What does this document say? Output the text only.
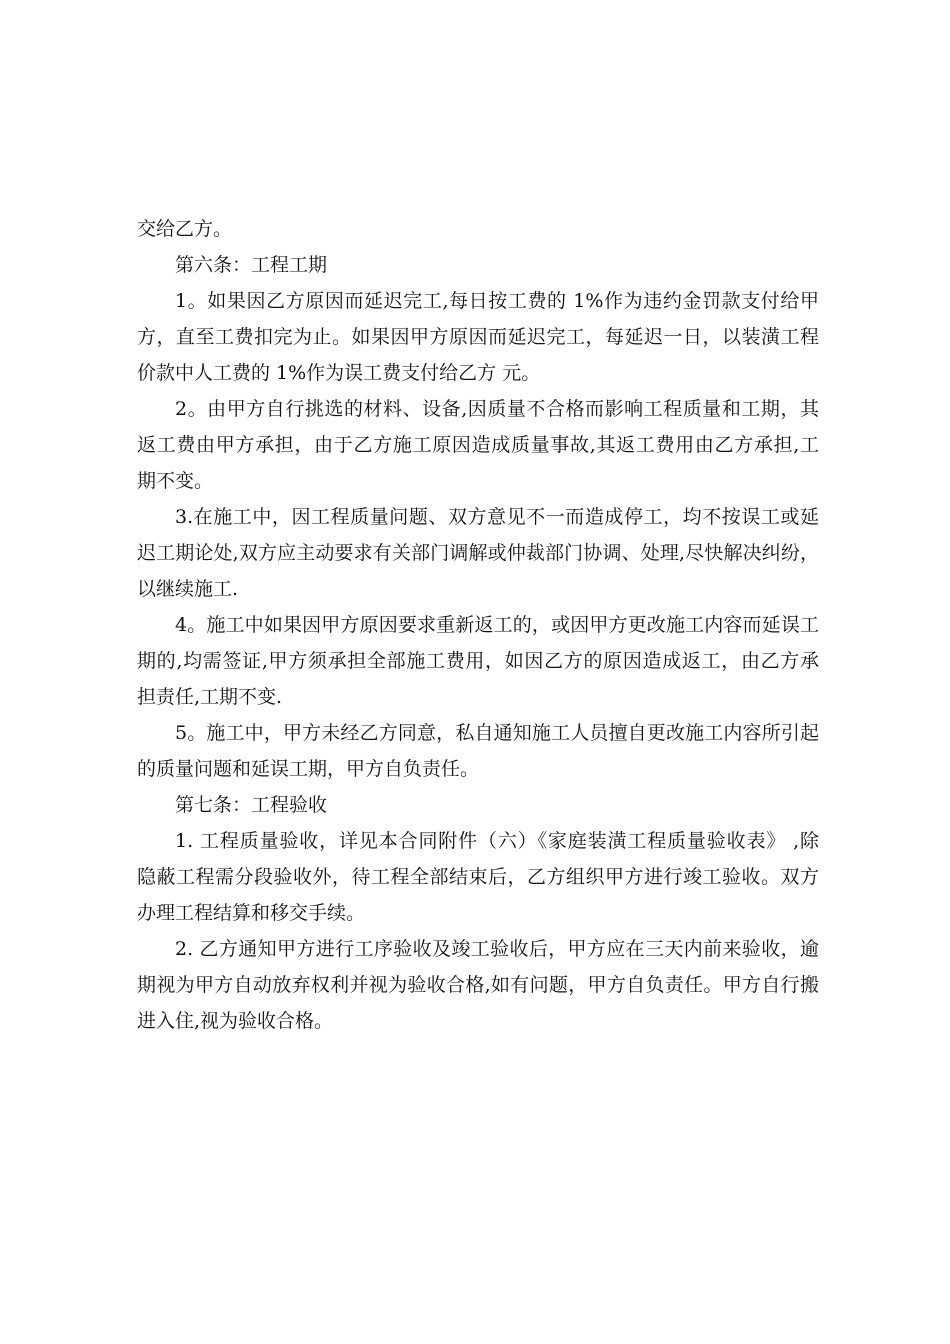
交给乙方。
第六条：工程工期
1。如果因乙方原因而延迟完工,每日按工费的 1%作为违约金罚款支付给甲
方，直至工费扣完为止。如果因甲方原因而延迟完工，每延迟一日，以装潢工程
价款中人工费的 1%作为误工费支付给乙方 元。
2。由甲方自行挑选的材料、设备,因质量不合格而影响工程质量和工期，其
返工费由甲方承担，由于乙方施工原因造成质量事故,其返工费用由乙方承担,工
期不变。
3.在施工中，因工程质量问题、双方意见不一而造成停工，均不按误工或延
迟工期论处,双方应主动要求有关部门调解或仲裁部门协调、处理,尽快解决纠纷，
以继续施工.
4。施工中如果因甲方原因要求重新返工的，或因甲方更改施工内容而延误工
期的,均需签证,甲方须承担全部施工费用，如因乙方的原因造成返工，由乙方承
担责任,工期不变.
5。施工中，甲方未经乙方同意，私自通知施工人员擅自更改施工内容所引起
的质量问题和延误工期，甲方自负责任。
第七条：工程验收
1. 工程质量验收，详见本合同附件（六）《家庭装潢工程质量验收表》 ,除
隐蔽工程需分段验收外，待工程全部结束后，乙方组织甲方进行竣工验收。双方
办理工程结算和移交手续。
2. 乙方通知甲方进行工序验收及竣工验收后，甲方应在三天内前来验收，逾
期视为甲方自动放弃权利并视为验收合格,如有问题，甲方自负责任。甲方自行搬
进入住,视为验收合格。
